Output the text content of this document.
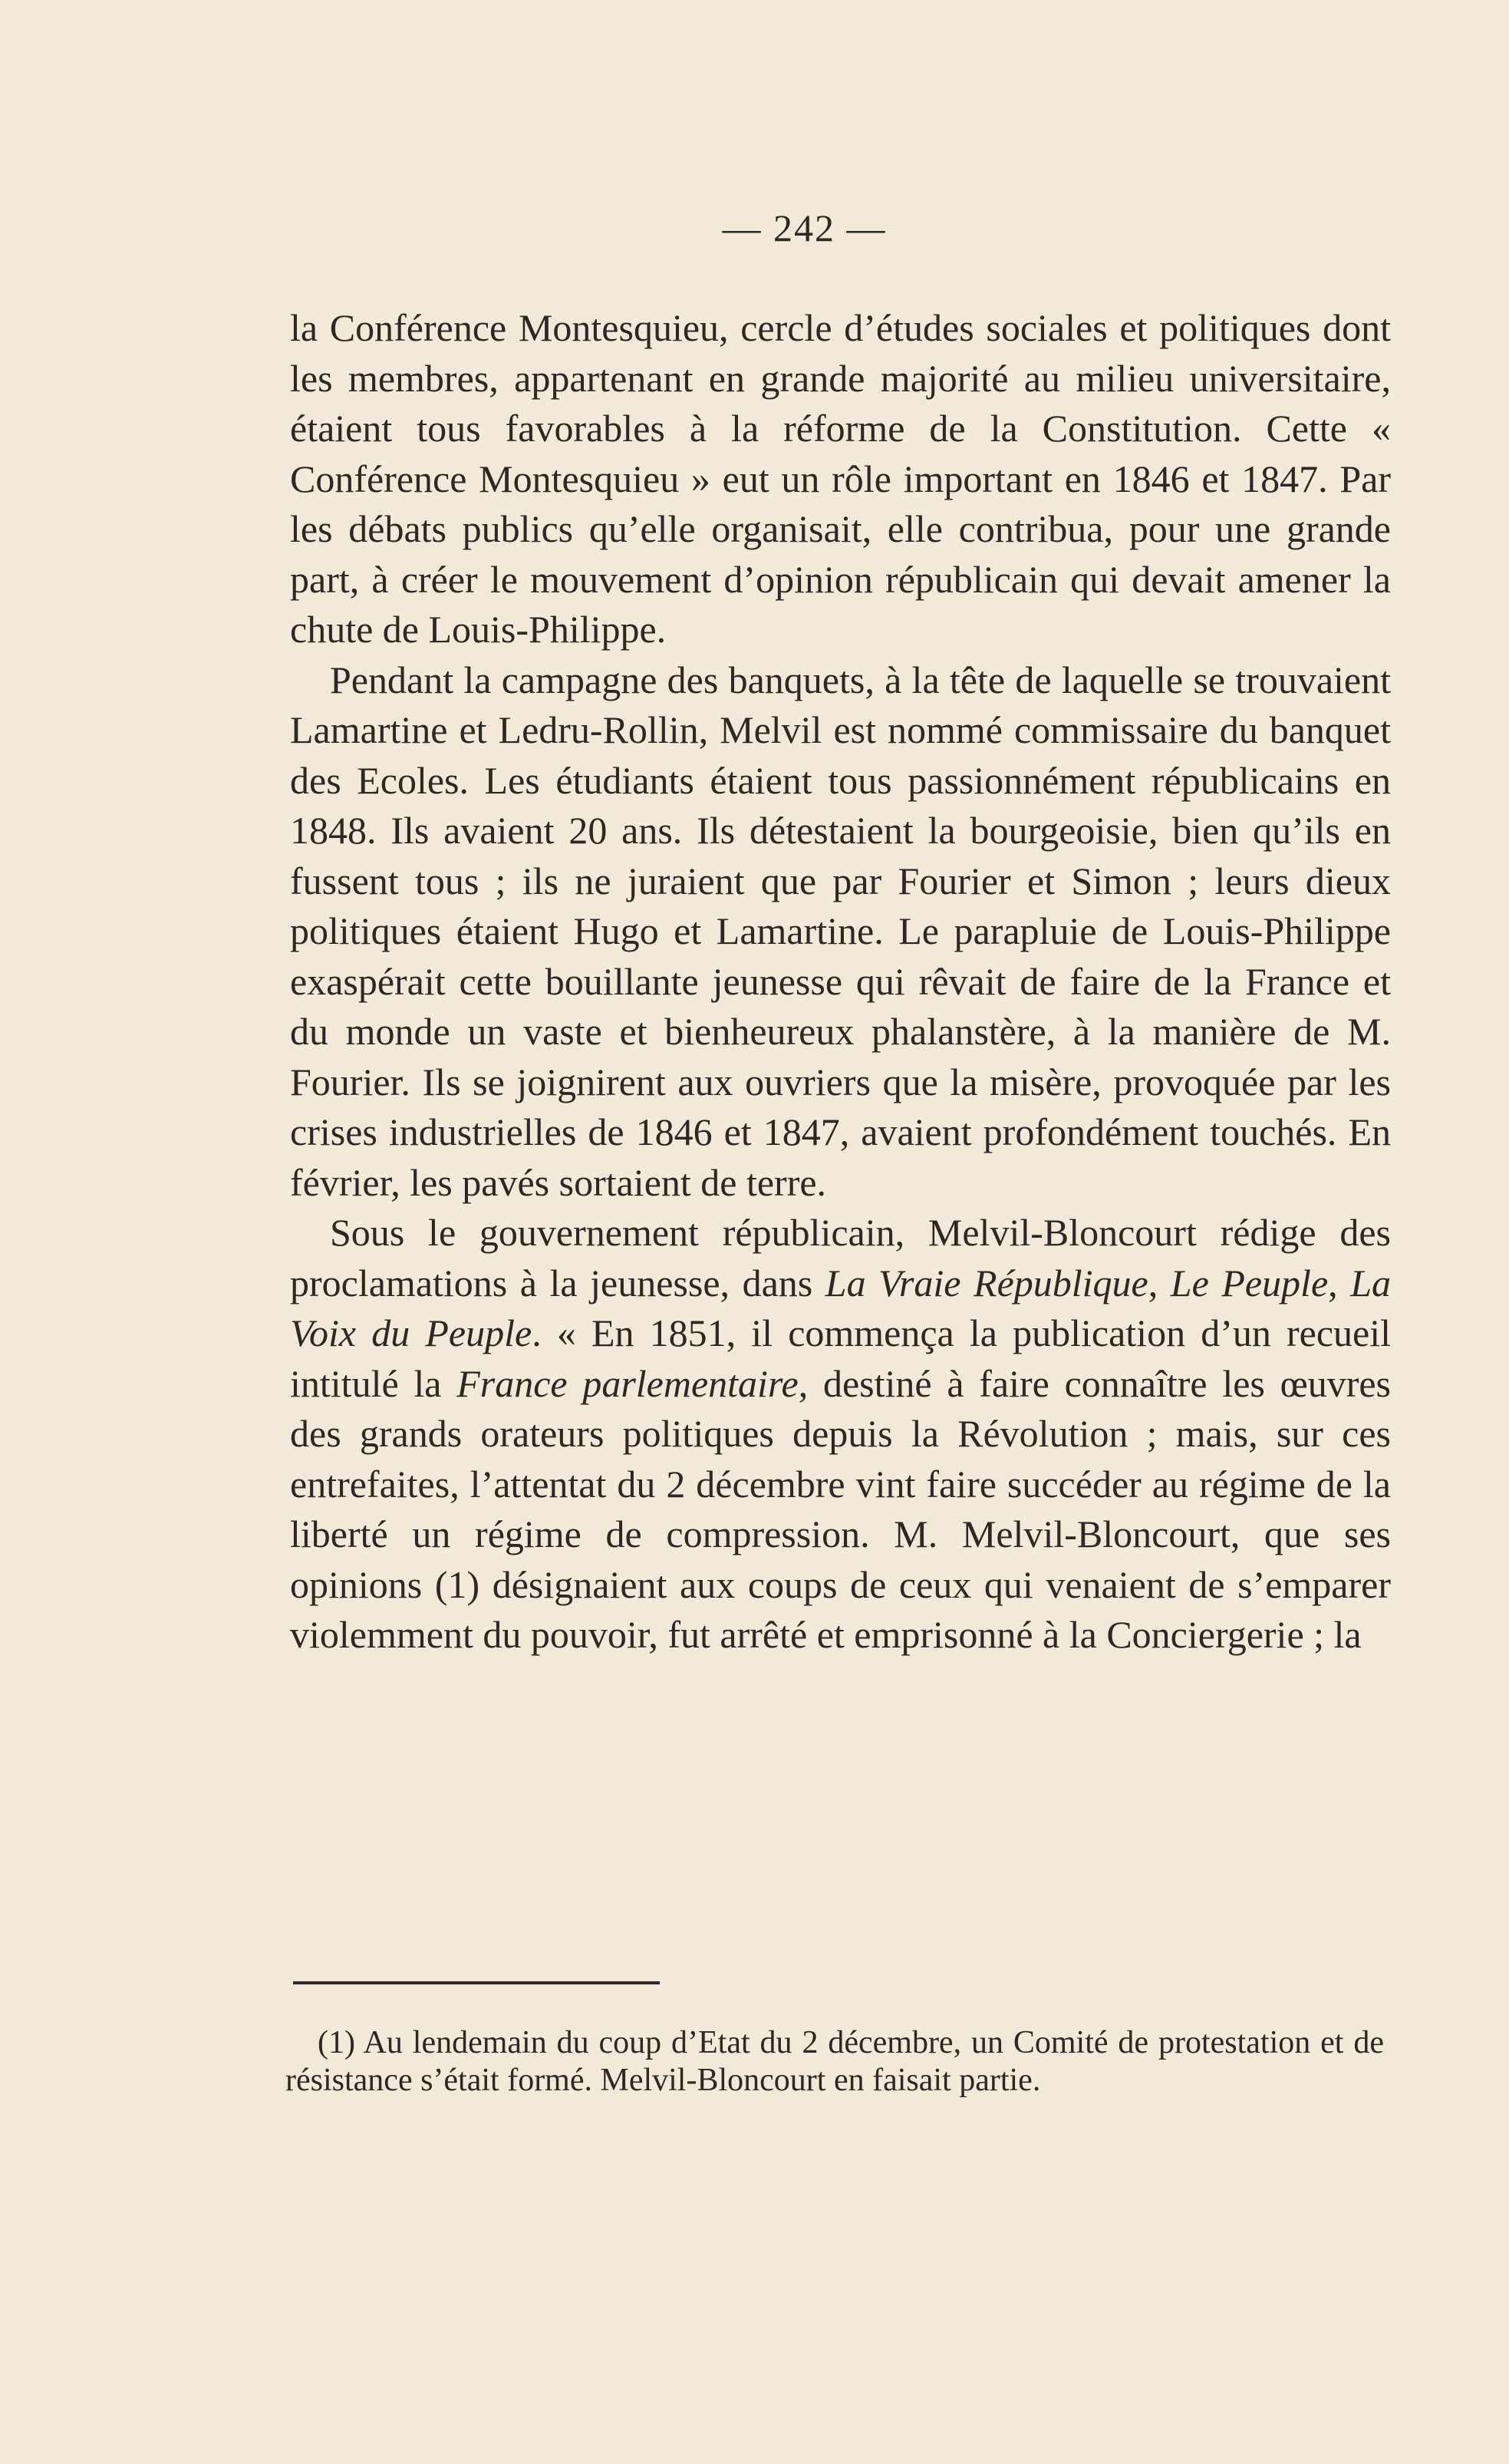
— 242 —

la Conférence Montesquieu, cercle d’études sociales et politiques dont les membres, appartenant en grande majorité au milieu universitaire, étaient tous favorables à la réforme de la Constitution. Cette « Conférence Montesquieu » eut un rôle important en 1846 et 1847. Par les débats publics qu’elle organisait, elle contribua, pour une grande part, à créer le mouvement d’opinion républicain qui devait amener la chute de Louis-Philippe.

Pendant la campagne des banquets, à la tête de laquelle se trouvaient Lamartine et Ledru-Rollin, Melvil est nommé commissaire du banquet des Ecoles. Les étudiants étaient tous passionnément républicains en 1848. Ils avaient 20 ans. Ils détestaient la bourgeoisie, bien qu’ils en fussent tous ; ils ne juraient que par Fourier et Simon ; leurs dieux politiques étaient Hugo et Lamartine. Le parapluie de Louis-Philippe exaspérait cette bouillante jeunesse qui rêvait de faire de la France et du monde un vaste et bienheureux phalanstère, à la manière de M. Fourier. Ils se joignirent aux ouvriers que la misère, provoquée par les crises industrielles de 1846 et 1847, avaient profondément touchés. En février, les pavés sortaient de terre.

Sous le gouvernement républicain, Melvil-Bloncourt rédige des proclamations à la jeunesse, dans La Vraie République, Le Peuple, La Voix du Peuple. « En 1851, il commença la publication d’un recueil intitulé la France parlementaire, destiné à faire connaître les œuvres des grands orateurs politiques depuis la Révolution ; mais, sur ces entrefaites, l’attentat du 2 décembre vint faire succéder au régime de la liberté un régime de compression. M. Melvil-Bloncourt, que ses opinions (1) désignaient aux coups de ceux qui venaient de s’emparer violemment du pouvoir, fut arrêté et emprisonné à la Conciergerie ; la

(1) Au lendemain du coup d’Etat du 2 décembre, un Comité de protestation et de résistance s’était formé. Melvil-Bloncourt en faisait partie.
